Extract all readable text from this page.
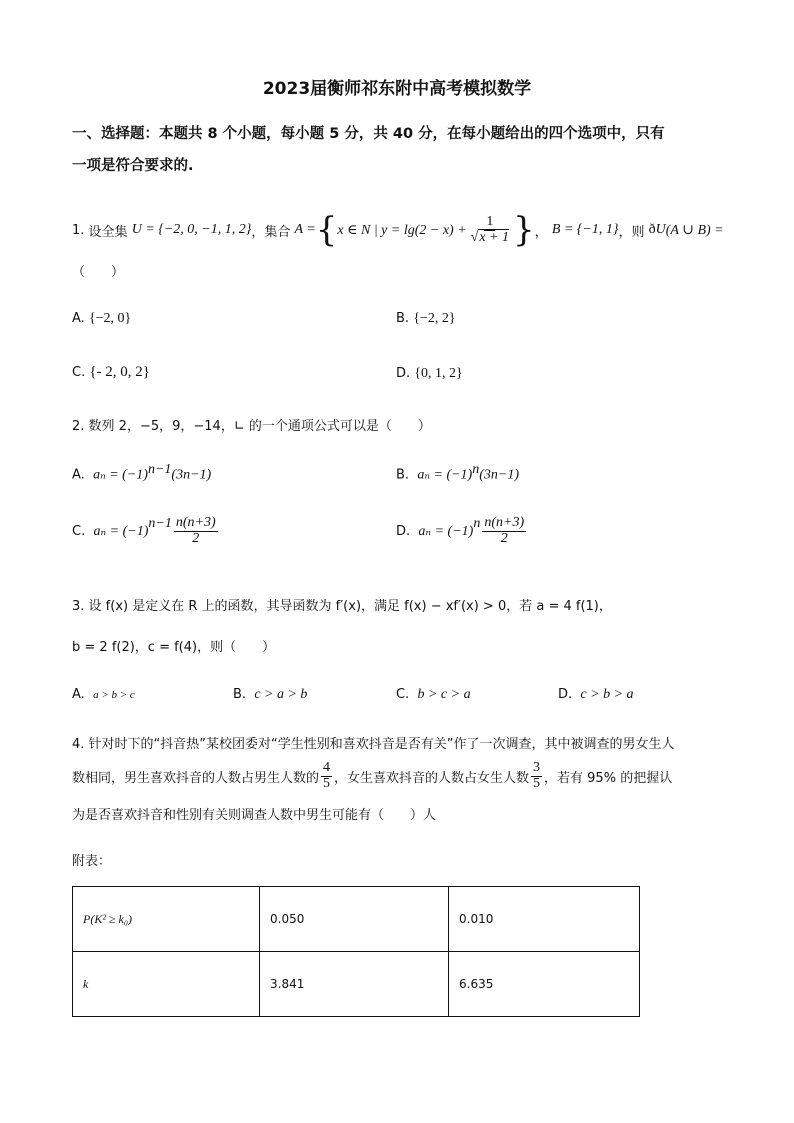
2023届衡师祁东附中高考模拟数学
一、选择题：本题共 8 个小题，每小题 5 分，共 40 分，在每小题给出的四个选项中，只有
一项是符合要求的.
1.
设全集
U = {−2, 0, −1, 1, 2} ，集合
A = { x ∈ N | $y = \lg(2 - x) + \frac{1}{√x + 1}$ } ，
B = {−1, 1} ，则
ð U (A ∪ B) =
（　　）
A. {−2, 0}	B. {−2, 2}
C. {- 2, 0, 2}	D. {0, 1, 2}
2. 数列 2，−5，9，−14，∟ 的一个通项公式可以是（　　）
A. $a_n = (-1)^{n-1}(3n-1)$	B. $a_n = (-1)^n(3n-1)$
C.
aₙ = (−1)
$n-1 \frac{n(n+3)}{2}$	D.
aₙ = (−1)
n $\frac{n(n+3)}{2}$
3. 设 f(x) 是定义在 R 上的函数，其导函数为 f′(x)，满足 f(x) − xf′(x) > 0，若 a = 4 f(1)，
b = 2 f(2)，c = f(4)，则（　　）
A. a > b > c	B. c > a > b	C. b > c > a	D. c > b > a
4. 针对时下的“抖音热”某校团委对“学生性别和喜欢抖音是否有关”作了一次调查，其中被调查的男女生人
数相同，男生喜欢抖音的人数占男生人数的 $\frac{4}{5}$ ，女生喜欢抖音的人数占女生人数 $\frac{3}{5}$ ，若有 95% 的把握认
为是否喜欢抖音和性别有关则调查人数中男生可能有（　　）人
附表：
P(K² ≥ k₀)	0.050	0.010
k	3.841	6.635
